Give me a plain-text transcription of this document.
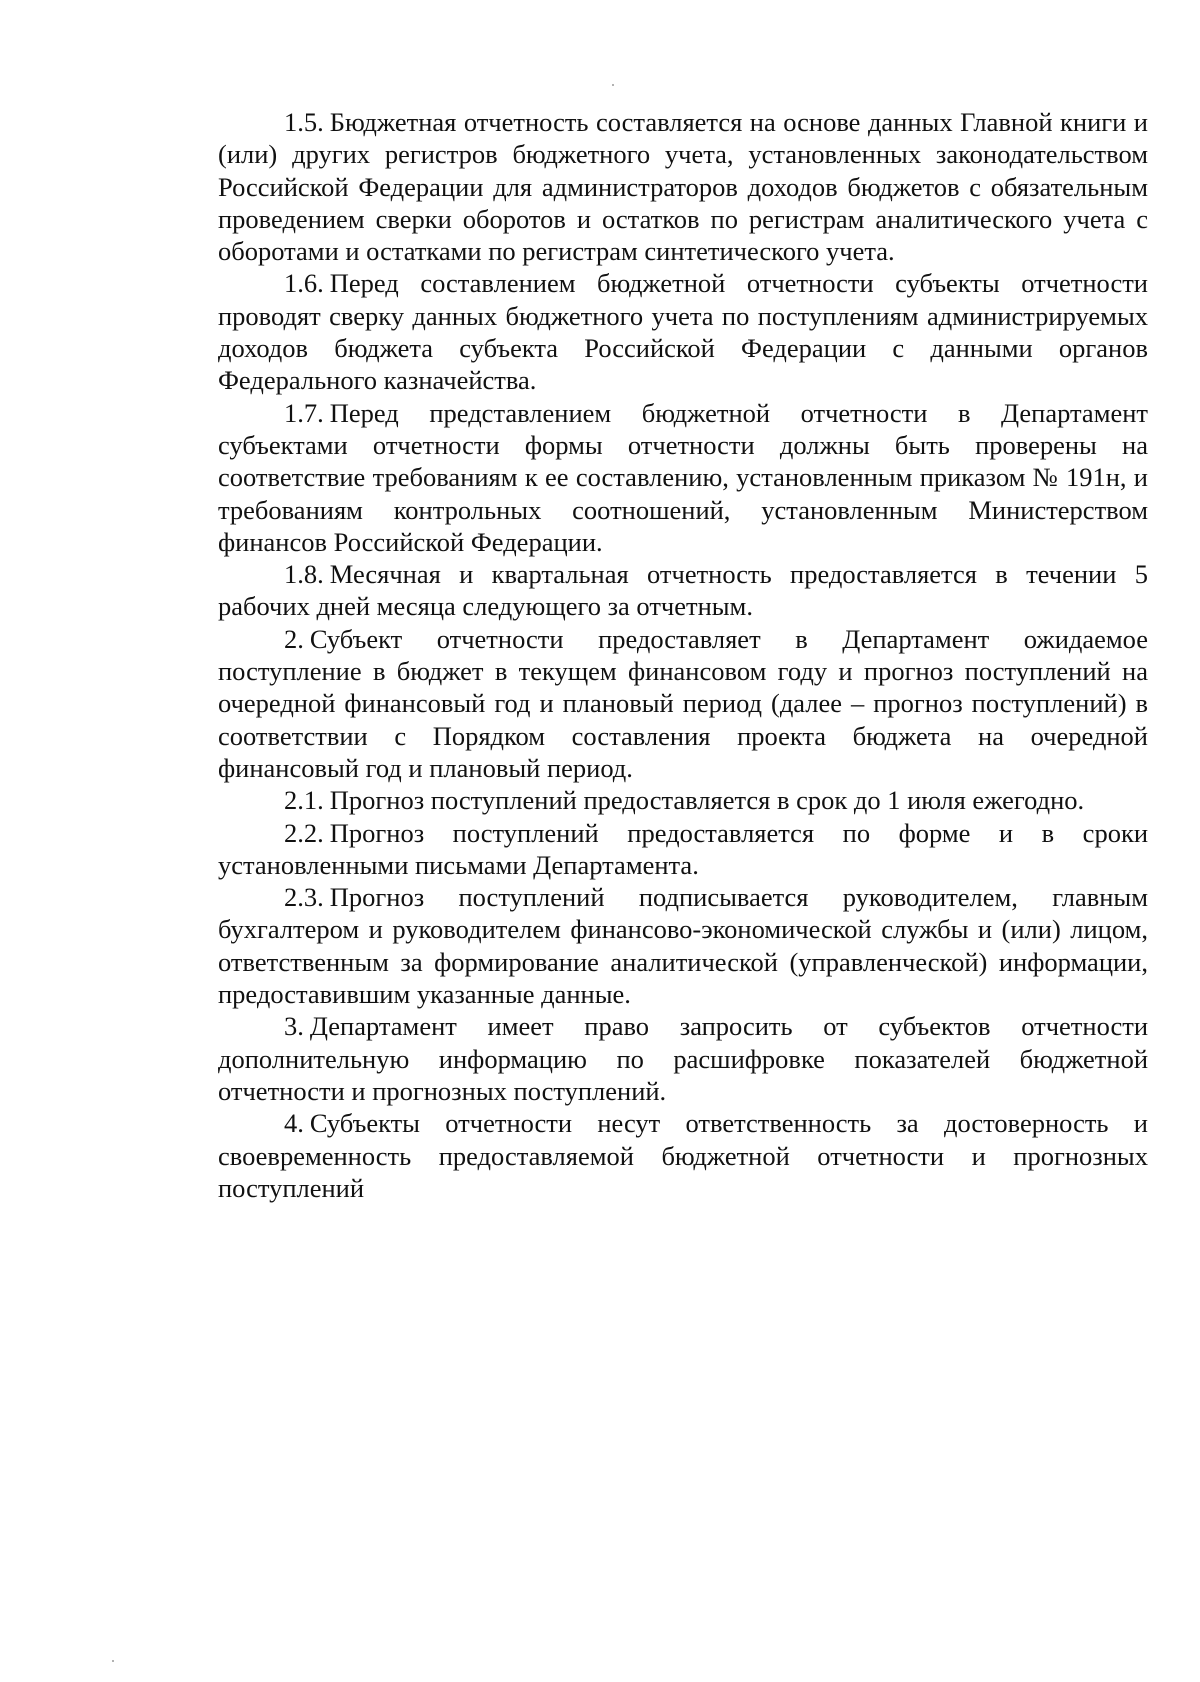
1.5. Бюджетная отчетность составляется на основе данных Главной книги и (или) других регистров бюджетного учета, установленных законодательством Российской Федерации для администраторов доходов бюджетов с обязательным проведением сверки оборотов и остатков по регистрам аналитического учета с оборотами и остатками по регистрам синтетического учета.

1.6. Перед составлением бюджетной отчетности субъекты отчетности проводят сверку данных бюджетного учета по поступлениям администрируемых доходов бюджета субъекта Российской Федерации с данными органов Федерального казначейства.

1.7. Перед представлением бюджетной отчетности в Департамент субъектами отчетности формы отчетности должны быть проверены на соответствие требованиям к ее составлению, установленным приказом № 191н, и требованиям контрольных соотношений, установленным Министерством финансов Российской Федерации.

1.8. Месячная и квартальная отчетность предоставляется в течении 5 рабочих дней месяца следующего за отчетным.

2. Субъект отчетности предоставляет в Департамент ожидаемое поступление в бюджет в текущем финансовом году и прогноз поступлений на очередной финансовый год и плановый период (далее – прогноз поступлений) в соответствии с Порядком составления проекта бюджета на очередной финансовый год и плановый период.

2.1. Прогноз поступлений предоставляется в срок до 1 июля ежегодно.

2.2. Прогноз поступлений предоставляется по форме и в сроки установленными письмами Департамента.

2.3. Прогноз поступлений подписывается руководителем, главным бухгалтером и руководителем финансово-экономической службы и (или) лицом, ответственным за формирование аналитической (управленческой) информации, предоставившим указанные данные.

3. Департамент имеет право запросить от субъектов отчетности дополнительную информацию по расшифровке показателей бюджетной отчетности и прогнозных поступлений.

4. Субъекты отчетности несут ответственность за достоверность и своевременность предоставляемой бюджетной отчетности и прогнозных поступлений
